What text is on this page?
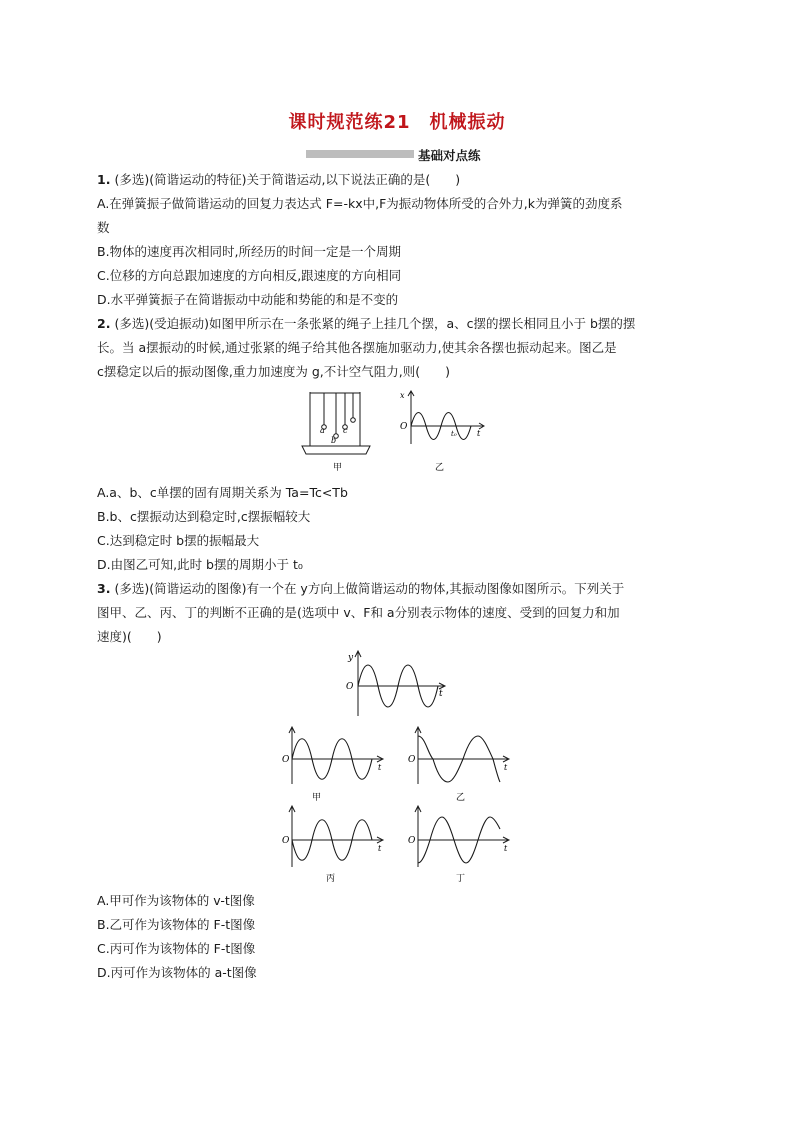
课时规范练21　机械振动
基础对点练
1. (多选)(简谐运动的特征)关于简谐运动,以下说法正确的是(　　)
A.在弹簧振子做简谐运动的回复力表达式 F=-kx中,F为振动物体所受的合外力,k为弹簧的劲度系
数
B.物体的速度再次相同时,所经历的时间一定是一个周期
C.位移的方向总跟加速度的方向相反,跟速度的方向相同
D.水平弹簧振子在简谐振动中动能和势能的和是不变的
2. (多选)(受迫振动)如图甲所示在一条张紧的绳子上挂几个摆，a、c摆的摆长相同且小于 b摆的摆
长。当 a摆振动的时候,通过张紧的绳子给其他各摆施加驱动力,使其余各摆也振动起来。图乙是
c摆稳定以后的振动图像,重力加速度为 g,不计空气阻力,则(　　)
a
b
c
甲
x
O
t
t₀
乙
A.a、b、c单摆的固有周期关系为 Ta=Tc<Tb
B.b、c摆振动达到稳定时,c摆振幅较大
C.达到稳定时 b摆的振幅最大
D.由图乙可知,此时 b摆的周期小于 t₀
3. (多选)(简谐运动的图像)有一个在 y方向上做简谐运动的物体,其振动图像如图所示。下列关于
图甲、乙、丙、丁的判断不正确的是(选项中 v、F和 a分别表示物体的速度、受到的回复力和加
速度)(　　)
y
O
t
O
t
甲
O
t
乙
O
t
丙
O
t
丁
A.甲可作为该物体的 v-t图像
B.乙可作为该物体的 F-t图像
C.丙可作为该物体的 F-t图像
D.丙可作为该物体的 a-t图像
